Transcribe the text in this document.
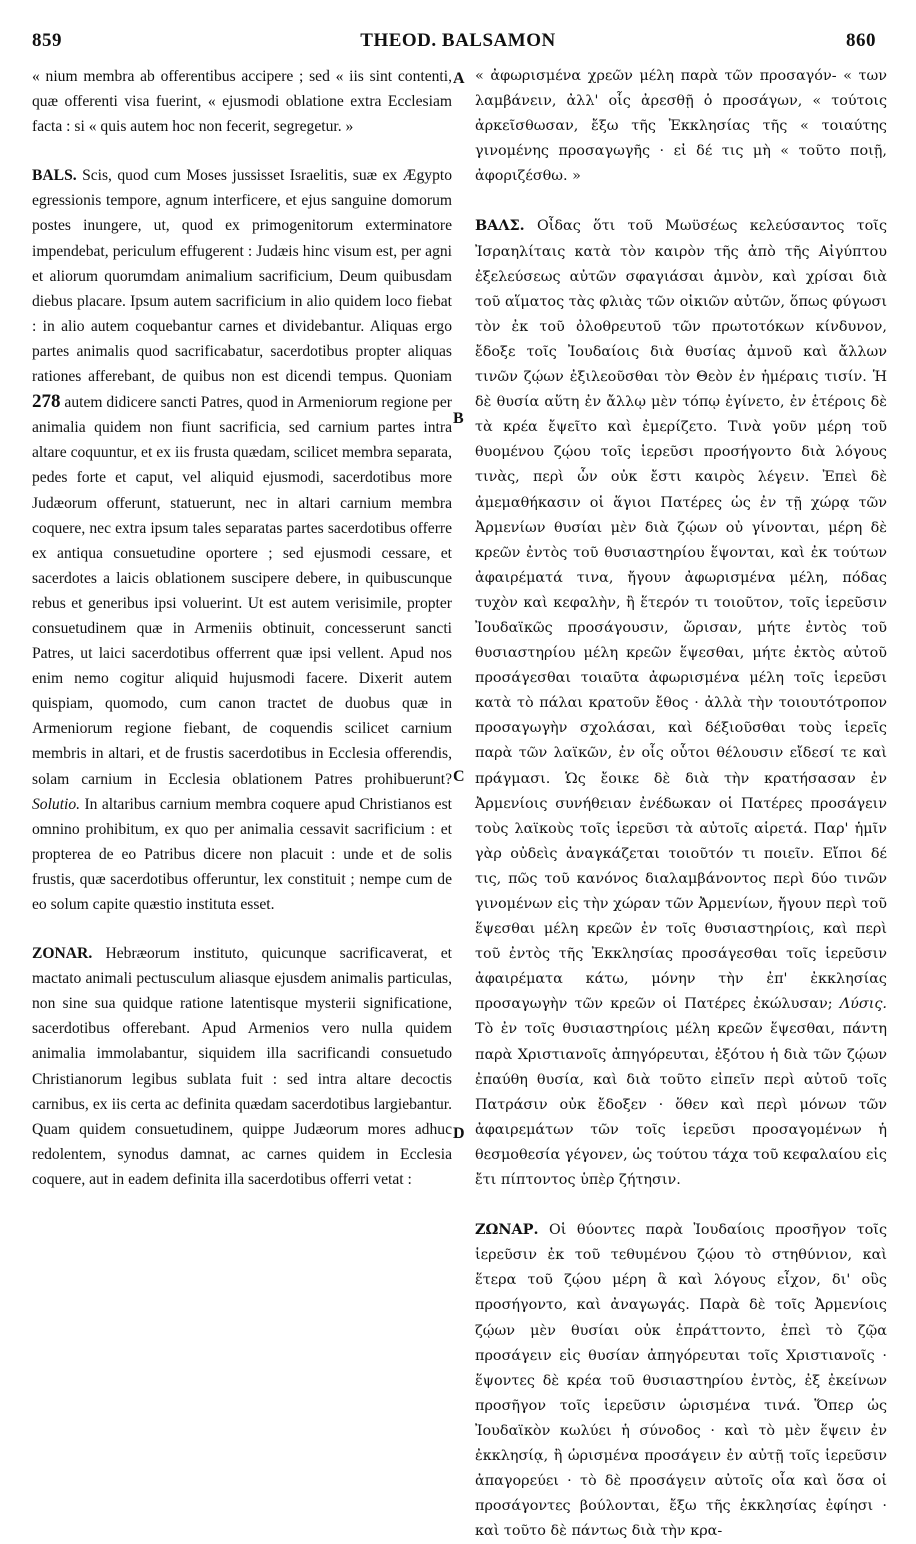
859	THEOD. BALSAMON	860
A
B
C
D

« nium membra ab offerentibus accipere ; sed « iis sint contenti, quæ offerenti visa fuerint, « ejusmodi oblatione extra Ecclesiam facta : si « quis autem hoc non fecerit, segregetur. »

BALS. Scis, quod cum Moses jussisset Israelitis, suæ ex Ægypto egressionis tempore, agnum interficere, et ejus sanguine domorum postes inungere, ut, quod ex primogenitorum exterminatore impendebat, periculum effugerent : Judæis hinc visum est, per agni et aliorum quorumdam animalium sacrificium, Deum quibusdam diebus placare. Ipsum autem sacrificium in alio quidem loco fiebat : in alio autem coquebantur carnes et dividebantur. Aliquas ergo partes animalis quod sacrificabatur, sacerdotibus propter aliquas rationes afferebant, de quibus non est dicendi tempus. Quoniam 278 autem didicere sancti Patres, quod in Armeniorum regione per animalia quidem non fiunt sacrificia, sed carnium partes intra altare coquuntur, et ex iis frusta quædam, scilicet membra separata, pedes forte et caput, vel aliquid ejusmodi, sacerdotibus more Judæorum offerunt, statuerunt, nec in altari carnium membra coquere, nec extra ipsum tales separatas partes sacerdotibus offerre ex antiqua consuetudine oportere ; sed ejusmodi cessare, et sacerdotes a laicis oblationem suscipere debere, in quibuscunque rebus et generibus ipsi voluerint. Ut est autem verisimile, propter consuetudinem quæ in Armeniis obtinuit, concesserunt sancti Patres, ut laici sacerdotibus offerrent quæ ipsi vellent. Apud nos enim nemo cogitur aliquid hujusmodi facere. Dixerit autem quispiam, quomodo, cum canon tractet de duobus quæ in Armeniorum regione fiebant, de coquendis scilicet carnium membris in altari, et de frustis sacerdotibus in Ecclesia offerendis, solam carnium in Ecclesia oblationem Patres prohibuerunt? Solutio. In altaribus carnium membra coquere apud Christianos est omnino prohibitum, ex quo per animalia cessavit sacrificium : et propterea de eo Patribus dicere non placuit : unde et de solis frustis, quæ sacerdotibus offeruntur, lex constituit ; nempe cum de eo solum capite quæstio instituta esset.

ZONAR. Hebræorum instituto, quicunque sacrificaverat, et mactato animali pectusculum aliasque ejusdem animalis particulas, non sine sua quidque ratione latentisque mysterii significatione, sacerdotibus offerebant. Apud Armenios vero nulla quidem animalia immolabantur, siquidem illa sacrificandi consuetudo Christianorum legibus sublata fuit : sed intra altare decoctis carnibus, ex iis certa ac definita quædam sacerdotibus largiebantur. Quam quidem consuetudinem, quippe Judæorum mores adhuc redolentem, synodus damnat, ac carnes quidem in Ecclesia coquere, aut in eadem definita illa sacerdotibus offerri vetat :

« ἀφωρισμένα χρεῶν μέλη παρὰ τῶν προσαγόν- « των λαμβάνειν, ἀλλ' οἷς ἀρεσθῇ ὁ προσάγων, « τούτοις ἀρκεῖσθωσαν, ἔξω τῆς Ἐκκλησίας τῆς « τοιαύτης γινομένης προσαγωγῆς · εἰ δέ τις μὴ « τοῦτο ποιῇ, ἀφοριζέσθω. »

ΒΑΛΣ. Οἶδας ὅτι τοῦ Μωϋσέως κελεύσαντος τοῖς Ἰσραηλίταις κατὰ τὸν καιρὸν τῆς ἀπὸ τῆς Αἰγύπτου ἐξελεύσεως αὐτῶν σφαγιάσαι ἀμνὸν, καὶ χρίσαι διὰ τοῦ αἵματος τὰς φλιὰς τῶν οἰκιῶν αὐτῶν, ὅπως φύγωσι τὸν ἐκ τοῦ ὀλοθρευτοῦ τῶν πρωτοτόκων κίνδυνον, ἔδοξε τοῖς Ἰουδαίοις διὰ θυσίας ἀμνοῦ καὶ ἄλλων τινῶν ζῴων ἐξιλεοῦσθαι τὸν Θεὸν ἐν ἡμέραις τισίν. Ἡ δὲ θυσία αὕτη ἐν ἄλλῳ μὲν τόπῳ ἐγίνετο, ἐν ἑτέροις δὲ τὰ κρέα ἔψεῖτο καὶ ἐμερίζετο. Τινὰ γοῦν μέρη τοῦ θυομένου ζῴου τοῖς ἱερεῦσι προσήγοντο διὰ λόγους τινὰς, περὶ ὧν οὐκ ἔστι καιρὸς λέγειν. Ἐπεὶ δὲ ἀμεμαθήκασιν οἱ ἅγιοι Πατέρες ὡς ἐν τῇ χώρᾳ τῶν Ἀρμενίων θυσίαι μὲν διὰ ζῴων οὐ γίνονται, μέρη δὲ κρεῶν ἐντὸς τοῦ θυσιαστηρίου ἕψονται, καὶ ἐκ τούτων ἀφαιρέματά τινα, ἤγουν ἀφωρισμένα μέλη, πόδας τυχὸν καὶ κεφαλὴν, ἢ ἕτερόν τι τοιοῦτον, τοῖς ἱερεῦσιν Ἰουδαϊκῶς προσάγουσιν, ὥρισαν, μήτε ἐντὸς τοῦ θυσιαστηρίου μέλη κρεῶν ἕψεσθαι, μήτε ἐκτὸς αὐτοῦ προσάγεσθαι τοιαῦτα ἀφωρισμένα μέλη τοῖς ἱερεῦσι κατὰ τὸ πάλαι κρατοῦν ἔθος · ἀλλὰ τὴν τοιουτότροπον προσαγωγὴν σχολάσαι, καὶ δέξιοῦσθαι τοὺς ἱερεῖς παρὰ τῶν λαϊκῶν, ἐν οἷς οὗτοι θέλουσιν εἴδεσί τε καὶ πράγμασι. Ὡς ἔοικε δὲ διὰ τὴν κρατήσασαν ἐν Ἀρμενίοις συνήθειαν ἐνέδωκαν οἱ Πατέρες προσάγειν τοὺς λαϊκοὺς τοῖς ἱερεῦσι τὰ αὐτοῖς αἱρετά. Παρ' ἡμῖν γὰρ οὐδεὶς ἀναγκάζεται τοιοῦτόν τι ποιεῖν. Εἴποι δέ τις, πῶς τοῦ κανόνος διαλαμβάνοντος περὶ δύο τινῶν γινομένων εἰς τὴν χώραν τῶν Ἀρμενίων, ἤγουν περὶ τοῦ ἕψεσθαι μέλη κρεῶν ἐν τοῖς θυσιαστηρίοις, καὶ περὶ τοῦ ἐντὸς τῆς Ἐκκλησίας προσάγεσθαι τοῖς ἱερεῦσιν ἀφαιρέματα κάτω, μόνην τὴν ἐπ' ἐκκλησίας προσαγωγὴν τῶν κρεῶν οἱ Πατέρες ἐκώλυσαν; Λύσις. Τὸ ἐν τοῖς θυσιαστηρίοις μέλη κρεῶν ἕψεσθαι, πάντη παρὰ Χριστιανοῖς ἀπηγόρευται, ἐξότου ἡ διὰ τῶν ζῴων ἐπαύθη θυσία, καὶ διὰ τοῦτο εἰπεῖν περὶ αὐτοῦ τοῖς Πατράσιν οὐκ ἔδοξεν · ὅθεν καὶ περὶ μόνων τῶν ἀφαιρεμάτων τῶν τοῖς ἱερεῦσι προσαγομένων ἡ θεσμοθεσία γέγονεν, ὡς τούτου τάχα τοῦ κεφαλαίου εἰς ἔτι πίπτοντος ὑπὲρ ζήτησιν.

ΖΩΝΑΡ. Οἱ θύοντες παρὰ Ἰουδαίοις προσῆγον τοῖς ἱερεῦσιν ἐκ τοῦ τεθυμένου ζῴου τὸ στηθύνιον, καὶ ἕτερα τοῦ ζῴου μέρη ἃ καὶ λόγους εἶχον, δι' οὓς προσήγοντο, καὶ ἀναγωγάς. Παρὰ δὲ τοῖς Ἀρμενίοις ζῴων μὲν θυσίαι οὐκ ἐπράττοντο, ἐπεὶ τὸ ζῷα προσάγειν εἰς θυσίαν ἀπηγόρευται τοῖς Χριστιανοῖς · ἕψοντες δὲ κρέα τοῦ θυσιαστηρίου ἐντὸς, ἐξ ἐκείνων προσῆγον τοῖς ἱερεῦσιν ὡρισμένα τινά. Ὅπερ ὡς Ἰουδαϊκὸν κωλύει ἡ σύνοδος · καὶ τὸ μὲν ἕψειν ἐν ἐκκλησίᾳ, ἢ ὡρισμένα προσάγειν ἐν αὐτῇ τοῖς ἱερεῦσιν ἀπαγορεύει · τὸ δὲ προσάγειν αὐτοῖς οἷα καὶ ὅσα οἱ προσάγοντες βούλονται, ἔξω τῆς ἐκκλησίας ἐφίησι · καὶ τοῦτο δὲ πάντως διὰ τὴν κρα-
